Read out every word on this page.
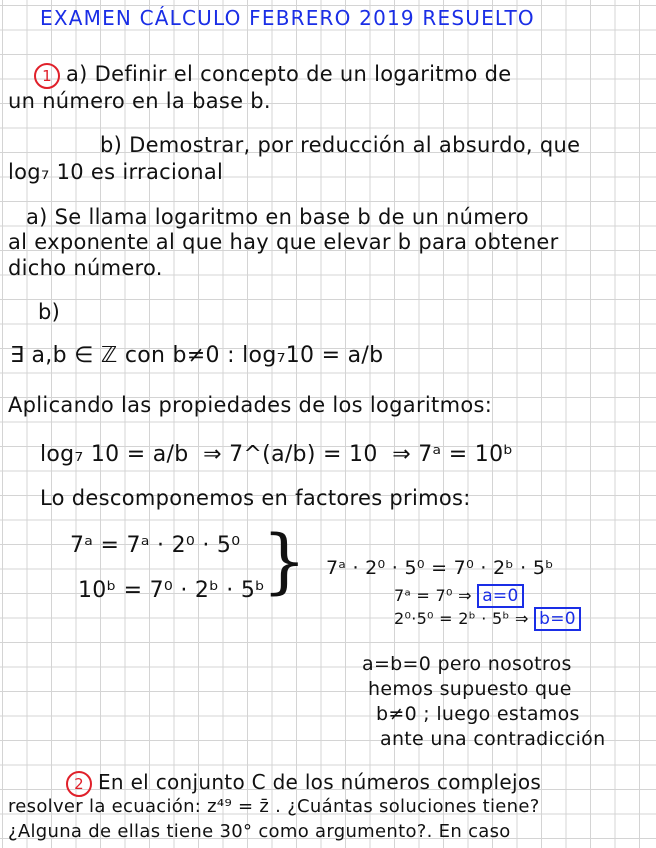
EXAMEN CÁLCULO FEBRERO 2019 RESUELTO
1 a) Definir el concepto de un logaritmo de
un número en la base b.
b) Demostrar, por reducción al absurdo, que
log₇ 10 es irracional
a) Se llama logaritmo en base b de un número
al exponente al que hay que elevar b para obtener
dicho número.
b)
∃ a,b ∈ ℤ con b≠0 : log₇10 = a/b
Aplicando las propiedades de los logaritmos:
log₇ 10 = a/b ⇒ 7^(a/b) = 10 ⇒ 7ᵃ = 10ᵇ
Lo descomponemos en factores primos:
7ᵃ = 7ᵃ · 2⁰ · 5⁰
10ᵇ = 7⁰ · 2ᵇ · 5ᵇ
} 7ᵃ · 2⁰ · 5⁰ = 7⁰ · 2ᵇ · 5ᵇ
7ᵃ = 7⁰ ⇒ a=0
2⁰·5⁰ = 2ᵇ · 5ᵇ ⇒ b=0
a=b=0 pero nosotros
hemos supuesto que
b≠0 ; luego estamos
ante una contradicción
2 En el conjunto C de los números complejos
resolver la ecuación: z⁴⁹ = z̄ . ¿Cuántas soluciones tiene?
¿Alguna de ellas tiene 30° como argumento?. En caso
